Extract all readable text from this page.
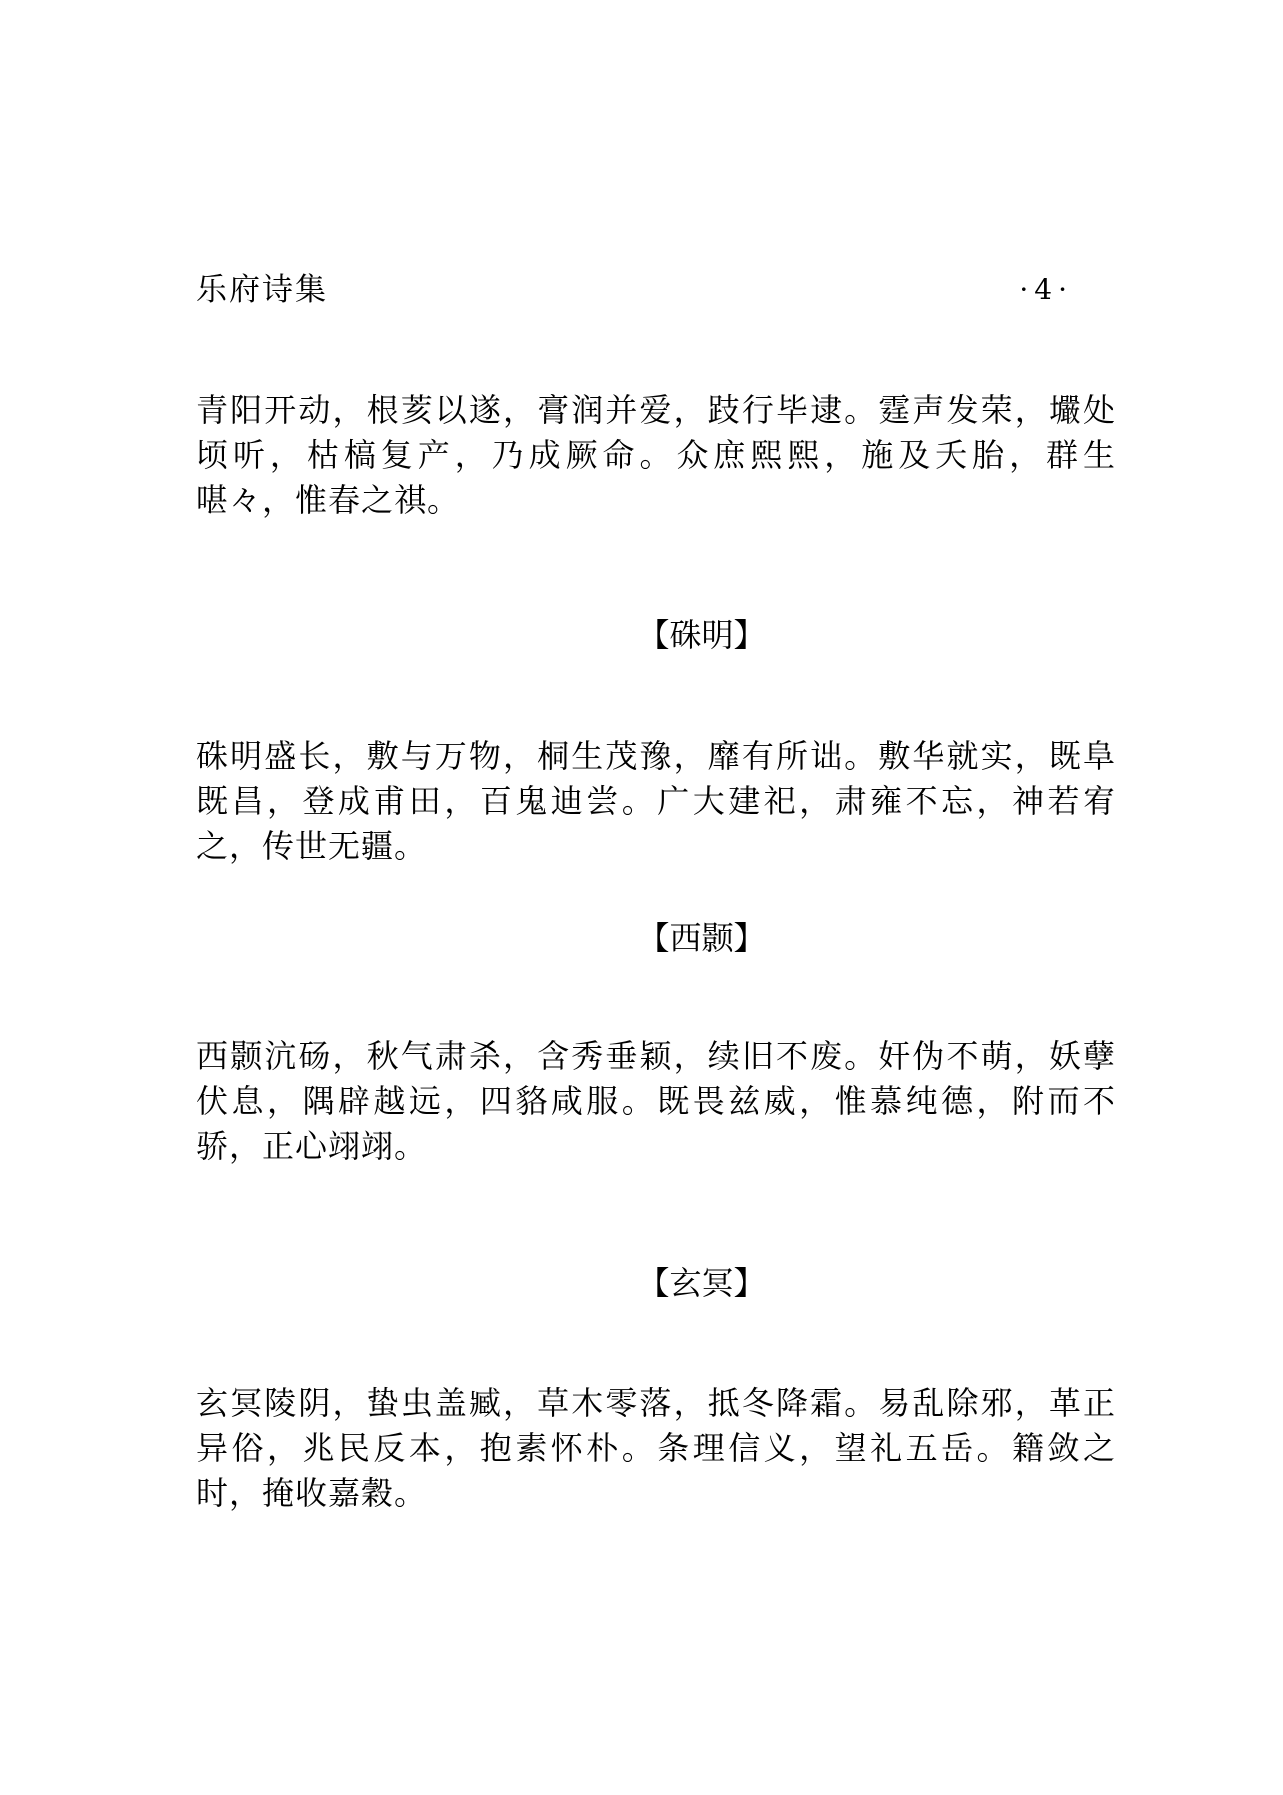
乐府诗集	·4·

青阳开动，根荄以遂，膏润并爱，跂行毕逮。霆声发荣，壧处顷听，枯槁复产，乃成厥命。众庶熙熙，施及夭胎，群生啿々，惟春之祺。

【硃明】

硃明盛长，敷与万物，桐生茂豫，靡有所诎。敷华就实，既阜既昌，登成甫田，百鬼迪尝。广大建祀，肃雍不忘，神若宥之，传世无疆。

【西颢】

西颢沆砀，秋气肃杀，含秀垂颖，续旧不废。奸伪不萌，妖孽伏息，隅辟越远，四貉咸服。既畏兹威，惟慕纯德，附而不骄，正心翊翊。

【玄冥】

玄冥陵阴，蛰虫盖臧，草木零落，抵冬降霜。易乱除邪，革正异俗，兆民反本，抱素怀朴。条理信义，望礼五岳。籍敛之时，掩收嘉穀。
